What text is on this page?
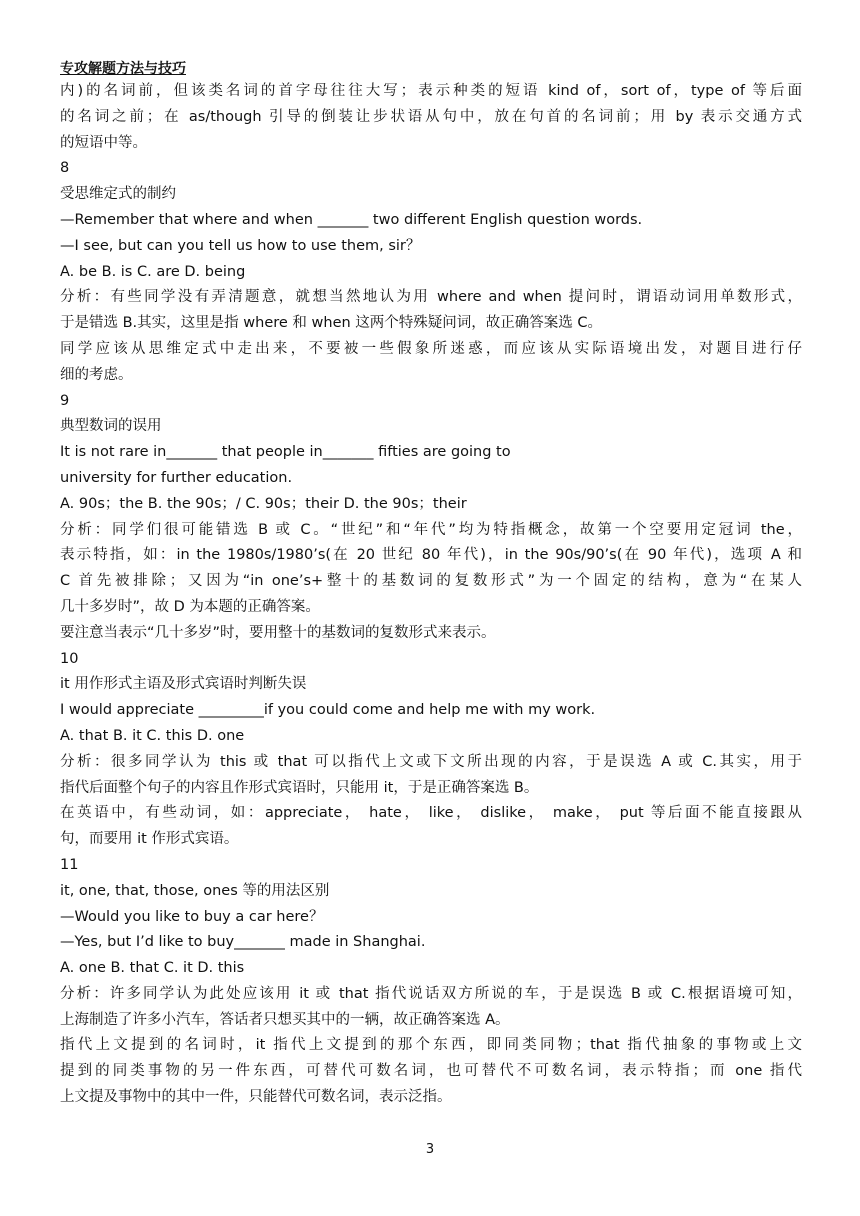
专攻解题方法与技巧
内)的名词前，但该类名词的首字母往往大写；表示种类的短语 kind of，sort of，type of 等后面
的名词之前；在 as/though 引导的倒装让步状语从句中，放在句首的名词前；用 by 表示交通方式
的短语中等。
8
受思维定式的制约
—Remember that where and when _______ two different English question words.
—I see, but can you tell us how to use them, sir？
A. be B. is C. are D. being
分析：有些同学没有弄清题意，就想当然地认为用 where and when 提问时，谓语动词用单数形式，
于是错选 B.其实，这里是指 where 和 when 这两个特殊疑问词，故正确答案选 C。
同学应该从思维定式中走出来，不要被一些假象所迷惑，而应该从实际语境出发，对题目进行仔
细的考虑。
9
典型数词的误用
It is not rare in_______ that people in_______ fifties are going to
university for further education.
A. 90s；the B. the 90s；/ C. 90s；their D. the 90s；their
分析：同学们很可能错选 B 或 C。“世纪”和“年代”均为特指概念，故第一个空要用定冠词 the，
表示特指，如：in the 1980s/1980’s(在 20 世纪 80 年代)，in the 90s/90’s(在 90 年代)，选项 A 和
C 首先被排除；又因为“in one’s+整十的基数词的复数形式”为一个固定的结构，意为“在某人
几十多岁时”，故 D 为本题的正确答案。
要注意当表示“几十多岁”时，要用整十的基数词的复数形式来表示。
10
it 用作形式主语及形式宾语时判断失误
I would appreciate _________if you could come and help me with my work.
A. that B. it C. this D. one
分析：很多同学认为 this 或 that 可以指代上文或下文所出现的内容，于是误选 A 或 C.其实，用于
指代后面整个句子的内容且作形式宾语时，只能用 it，于是正确答案选 B。
在英语中，有些动词，如：appreciate， hate， like， dislike， make， put 等后面不能直接跟从
句，而要用 it 作形式宾语。
11
it, one, that, those, ones 等的用法区别
—Would you like to buy a car here？
—Yes, but I’d like to buy_______ made in Shanghai.
A. one B. that C. it D. this
分析：许多同学认为此处应该用 it 或 that 指代说话双方所说的车，于是误选 B 或 C.根据语境可知，
上海制造了许多小汽车，答话者只想买其中的一辆，故正确答案选 A。
指代上文提到的名词时，it 指代上文提到的那个东西，即同类同物；that 指代抽象的事物或上文
提到的同类事物的另一件东西，可替代可数名词，也可替代不可数名词，表示特指；而 one 指代
上文提及事物中的其中一件，只能替代可数名词，表示泛指。
3
